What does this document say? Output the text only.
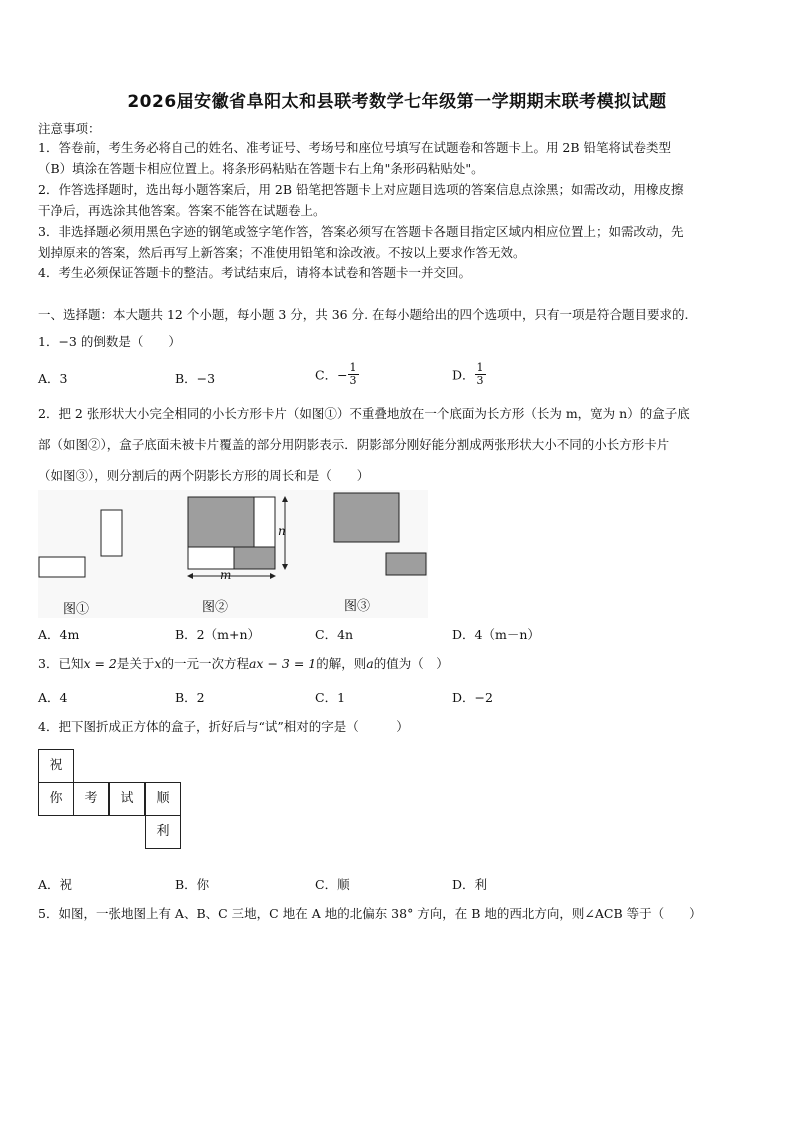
2026届安徽省阜阳太和县联考数学七年级第一学期期末联考模拟试题
注意事项：
1．答卷前，考生务必将自己的姓名、准考证号、考场号和座位号填写在试题卷和答题卡上。用 2B 铅笔将试卷类型
（B）填涂在答题卡相应位置上。将条形码粘贴在答题卡右上角"条形码粘贴处"。
2．作答选择题时，选出每小题答案后，用 2B 铅笔把答题卡上对应题目选项的答案信息点涂黑；如需改动，用橡皮擦
干净后，再选涂其他答案。答案不能答在试题卷上。
3．非选择题必须用黑色字迹的钢笔或签字笔作答，答案必须写在答题卡各题目指定区域内相应位置上；如需改动，先
划掉原来的答案，然后再写上新答案；不准使用铅笔和涂改液。不按以上要求作答无效。
4．考生必须保证答题卡的整洁。考试结束后，请将本试卷和答题卡一并交回。
一、选择题：本大题共 12 个小题，每小题 3 分，共 36 分. 在每小题给出的四个选项中，只有一项是符合题目要求的.
1．−3 的倒数是（　　）
A．3	B．−3	C．− $\frac{1}{3}$	D． $\frac{1}{3}$
2．把 2 张形状大小完全相同的小长方形卡片（如图①）不重叠地放在一个底面为长方形（长为 m，宽为 n）的盒子底
部（如图②），盒子底面未被卡片覆盖的部分用阴影表示．阴影部分刚好能分割成两张形状大小不同的小长方形卡片
（如图③），则分割后的两个阴影长方形的周长和是（　　）
n
m
图①	图②	图③
A．4m	B．2（m+n）	C．4n	D．4（m－n）
3．已知x = 2是关于x的一元一次方程ax − 3 = 1的解，则a的值为（　）
A．4	B．2	C．1	D．−2
4．把下图折成正方体的盒子，折好后与“试”相对的字是（　　　）
祝
你	考	试	顺
利
A．祝	B．你	C．顺	D．利
5．如图，一张地图上有 A、B、C 三地，C 地在 A 地的北偏东 38° 方向，在 B 地的西北方向，则∠ACB 等于（　　）
